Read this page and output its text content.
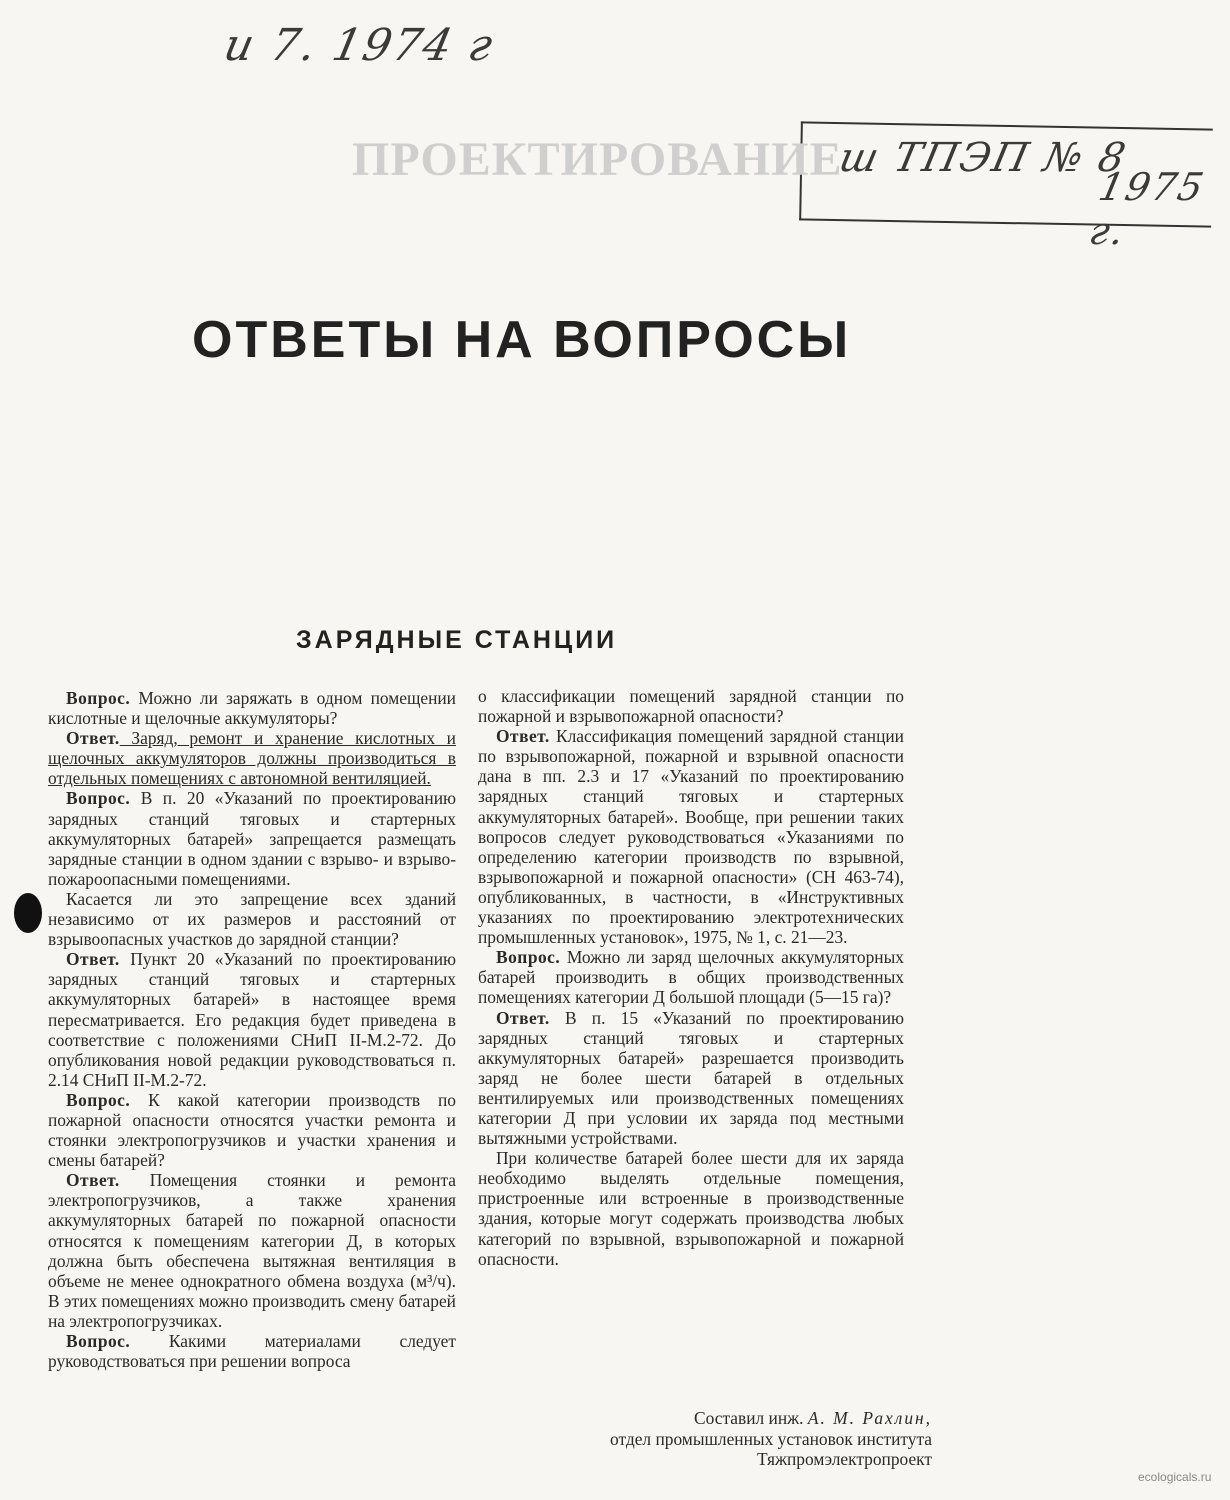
и 7. 1974 г
ш ТПЭП № 8
1975 г.
ПРОЕКТИРОВАНИЕ
ОТВЕТЫ НА ВОПРОСЫ
ЗАРЯДНЫЕ СТАНЦИИ

Вопрос. Можно ли заряжать в одном помещении кислотные и щелочные аккумуляторы?

Ответ. Заряд, ремонт и хранение кислотных и щелочных аккумуляторов должны производиться в отдельных помещениях с автономной вентиляцией.

Вопрос. В п. 20 «Указаний по проектированию зарядных станций тяговых и стартерных аккумуляторных батарей» запрещается размещать зарядные станции в одном здании с взрыво- и взрыво-пожароопасными помещениями.

Касается ли это запрещение всех зданий независимо от их размеров и расстояний от взрывоопасных участков до зарядной станции?

Ответ. Пункт 20 «Указаний по проектированию зарядных станций тяговых и стартерных аккумуляторных батарей» в настоящее время пересматривается. Его редакция будет приведена в соответствие с положениями СНиП II-М.2-72. До опубликования новой редакции руководствоваться п. 2.14 СНиП II-М.2-72.

Вопрос. К какой категории производств по пожарной опасности относятся участки ремонта и стоянки электропогрузчиков и участки хранения и смены батарей?

Ответ. Помещения стоянки и ремонта электропогрузчиков, а также хранения аккумуляторных батарей по пожарной опасности относятся к помещениям категории Д, в которых должна быть обеспечена вытяжная вентиляция в объеме не менее однократного обмена воздуха (м³/ч). В этих помещениях можно производить смену батарей на электропогрузчиках.

Вопрос. Какими материалами следует руководствоваться при решении вопроса

о классификации помещений зарядной станции по пожарной и взрывопожарной опасности?

Ответ. Классификация помещений зарядной станции по взрывопожарной, пожарной и взрывной опасности дана в пп. 2.3 и 17 «Указаний по проектированию зарядных станций тяговых и стартерных аккумуляторных батарей». Вообще, при решении таких вопросов следует руководствоваться «Указаниями по определению категории производств по взрывной, взрывопожарной и пожарной опасности» (СН 463-74), опубликованных, в частности, в «Инструктивных указаниях по проектированию электротехнических промышленных установок», 1975, № 1, с. 21—23.

Вопрос. Можно ли заряд щелочных аккумуляторных батарей производить в общих производственных помещениях категории Д большой площади (5—15 га)?

Ответ. В п. 15 «Указаний по проектированию зарядных станций тяговых и стартерных аккумуляторных батарей» разрешается производить заряд не более шести батарей в отдельных вентилируемых или производственных помещениях категории Д при условии их заряда под местными вытяжными устройствами.

При количестве батарей более шести для их заряда необходимо выделять отдельные помещения, пристроенные или встроенные в производственные здания, которые могут содержать производства любых категорий по взрывной, взрывопожарной и пожарной опасности.

Составил инж. А. М. Рахлин,
отдел промышленных установок института Тяжпромэлектропроект
ecologicals.ru
